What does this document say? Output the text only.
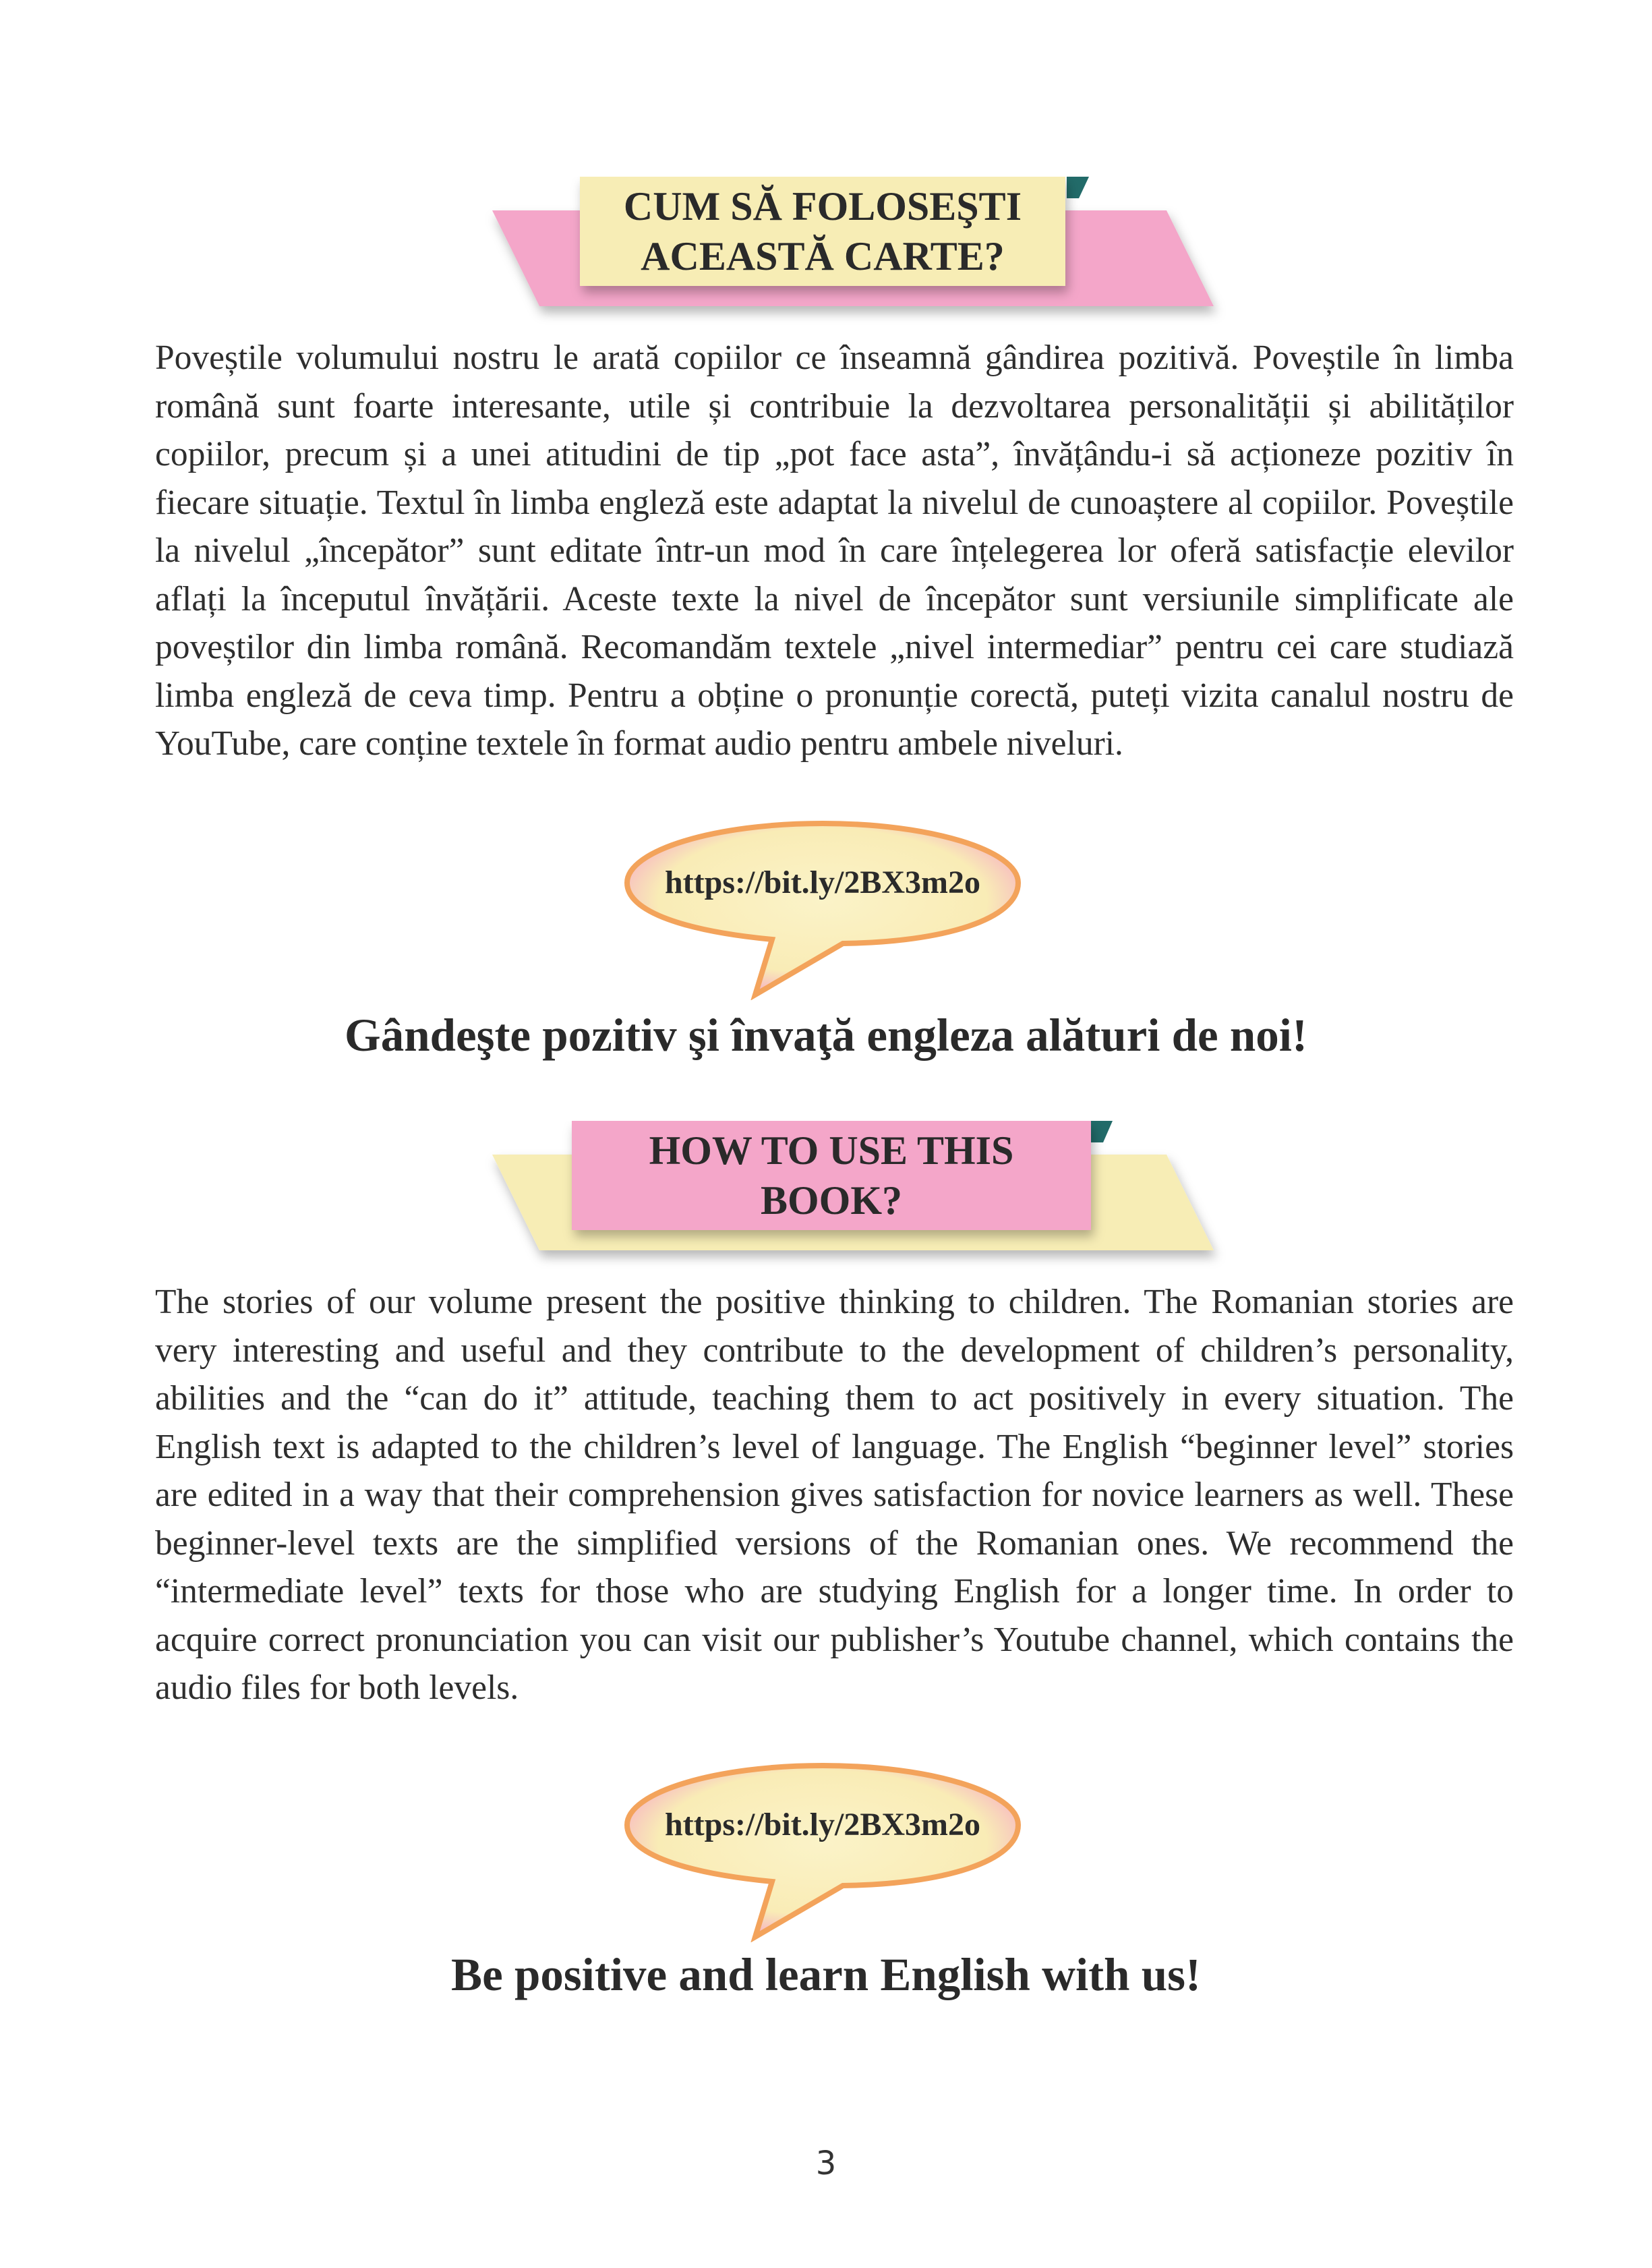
CUM SĂ FOLOSEŞTI
ACEASTĂ CARTE?

Poveștile volumului nostru le arată copiilor ce înseamnă gândirea pozitivă. Poveștile în limba română sunt foarte interesante, utile și contribuie la dezvoltarea personalității și abilităților copiilor, precum și a unei atitudini de tip „pot face asta”, învățându-i să acționeze pozitiv în fiecare situație. Textul în limba engleză este adaptat la nivelul de cunoaștere al copiilor. Poveștile la nivelul „începător” sunt editate într-un mod în care înțelegerea lor oferă satisfacție elevilor aflați la începutul învățării. Aceste texte la nivel de începător sunt versiunile simplificate ale poveștilor din limba română. Recomandăm textele „nivel intermediar” pentru cei care studiază limba engleză de ceva timp. Pentru a obține o pronunție corectă, puteți vizita canalul nostru de YouTube, care conține textele în format audio pentru ambele niveluri.

https://bit.ly/2BX3m2o
Gândeşte pozitiv şi învaţă engleza alături de noi!
HOW TO USE THIS
BOOK?

The stories of our volume present the positive thinking to children. The Romanian stories are very interesting and useful and they contribute to the development of children’s personality, abilities and the “can do it” attitude, teaching them to act positively in every situation. The English text is adapted to the children’s level of language. The English “beginner level” stories are edited in a way that their comprehension gives satisfaction for novice learners as well. These beginner-level texts are the simplified versions of the Romanian ones. We recommend the “intermediate level” texts for those who are studying English for a longer time. In order to acquire correct pronunciation you can visit our publisher’s Youtube channel, which contains the audio files for both levels.

https://bit.ly/2BX3m2o
Be positive and learn English with us!
3
